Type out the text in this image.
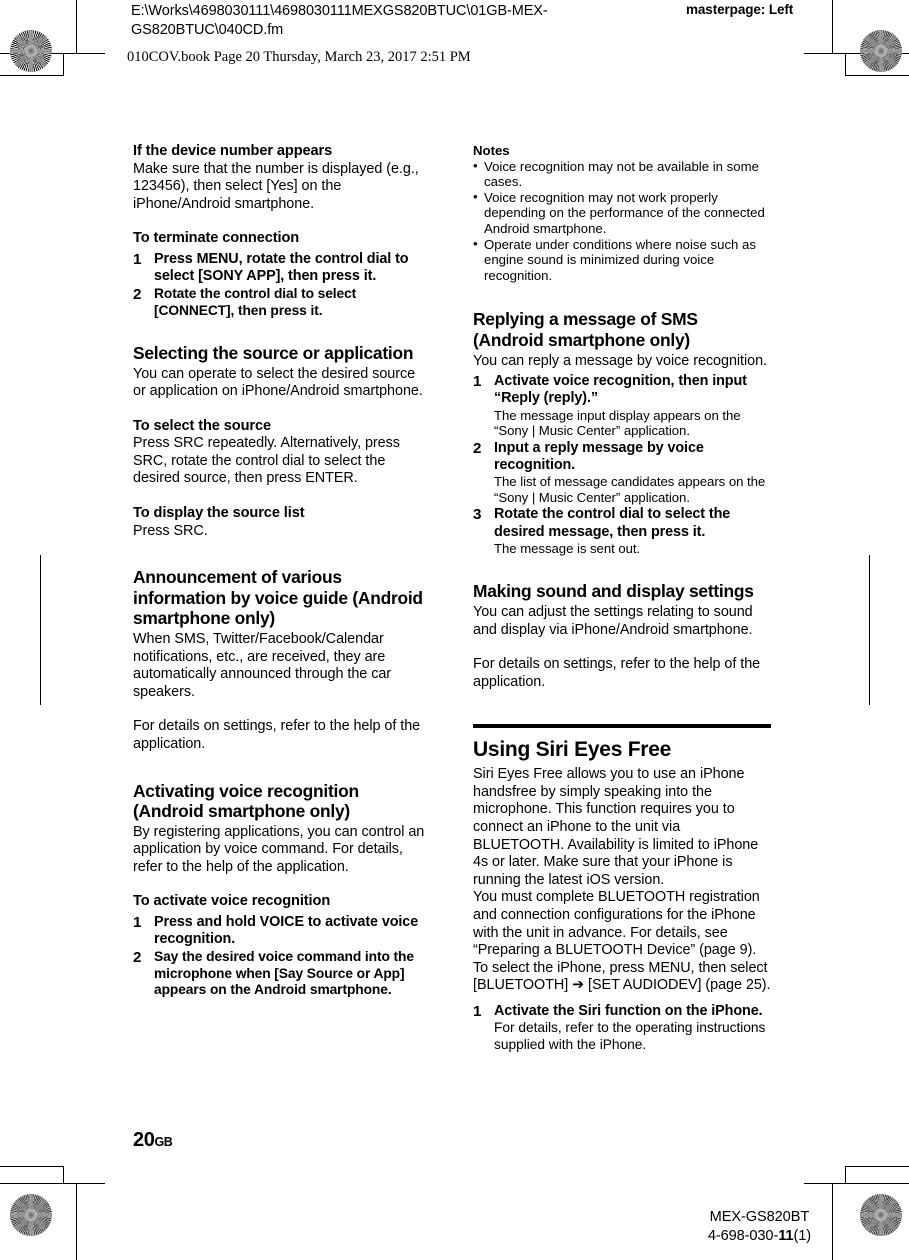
E:\Works\4698030111\4698030111MEXGS820BTUC\01GB-MEX-GS820BTUC\040CD.fm
masterpage: Left
010COV.book Page 20 Thursday, March 23, 2017 2:51 PM
If the device number appears

Make sure that the number is displayed (e.g., 123456), then select [Yes] on the iPhone/Android smartphone.

To terminate connection
1 Press MENU, rotate the control dial to select [SONY APP], then press it.
2 Rotate the control dial to select [CONNECT], then press it.
Selecting the source or application

You can operate to select the desired source or application on iPhone/Android smartphone.

To select the source

Press SRC repeatedly. Alternatively, press SRC, rotate the control dial to select the desired source, then press ENTER.

To display the source list

Press SRC.

Announcement of various information by voice guide (Android smartphone only)

When SMS, Twitter/Facebook/Calendar notifications, etc., are received, they are automatically announced through the car speakers.

For details on settings, refer to the help of the application.

Activating voice recognition (Android smartphone only)

By registering applications, you can control an application by voice command. For details, refer to the help of the application.

To activate voice recognition
1 Press and hold VOICE to activate voice recognition.
2 Say the desired voice command into the microphone when [Say Source or App] appears on the Android smartphone.

Notes

• Voice recognition may not be available in some cases.
• Voice recognition may not work properly depending on the performance of the connected Android smartphone.
• Operate under conditions where noise such as engine sound is minimized during voice recognition.
Replying a message of SMS (Android smartphone only)

You can reply a message by voice recognition.

1 Activate voice recognition, then input “Reply (reply).”
The message input display appears on the “Sony | Music Center” application.
2 Input a reply message by voice recognition.
The list of message candidates appears on the “Sony | Music Center” application.
3 Rotate the control dial to select the desired message, then press it.
The message is sent out.
Making sound and display settings

You can adjust the settings relating to sound and display via iPhone/Android smartphone.

For details on settings, refer to the help of the application.

Using Siri Eyes Free

Siri Eyes Free allows you to use an iPhone handsfree by simply speaking into the microphone. This function requires you to connect an iPhone to the unit via BLUETOOTH. Availability is limited to iPhone 4s or later. Make sure that your iPhone is running the latest iOS version.

You must complete BLUETOOTH registration and connection configurations for the iPhone with the unit in advance. For details, see “Preparing a BLUETOOTH Device” (page 9). To select the iPhone, press MENU, then select [BLUETOOTH] ➔ [SET AUDIODEV] (page 25).

1 Activate the Siri function on the iPhone.
For details, refer to the operating instructions supplied with the iPhone.
20GB
MEX-GS820BT
4-698-030-11(1)
